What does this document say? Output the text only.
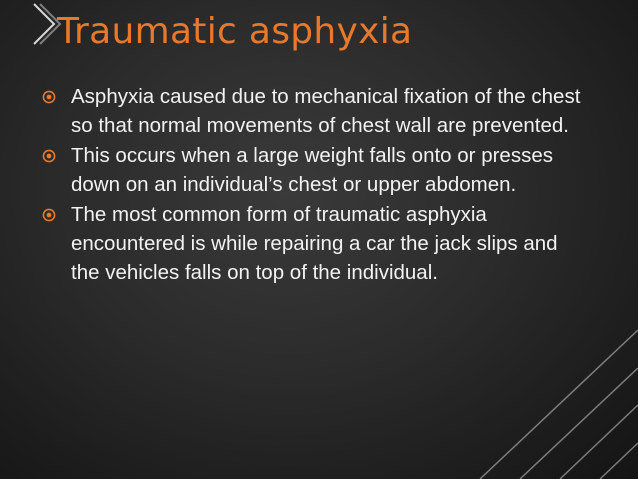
Traumatic asphyxia
Asphyxia caused due to mechanical fixation of the chest so that normal movements of chest wall are prevented.
This occurs when a large weight falls onto or presses down on an individual’s chest or upper abdomen.
The most common form of traumatic asphyxia encountered is while repairing a car the jack slips and the vehicles falls on top of the individual.
